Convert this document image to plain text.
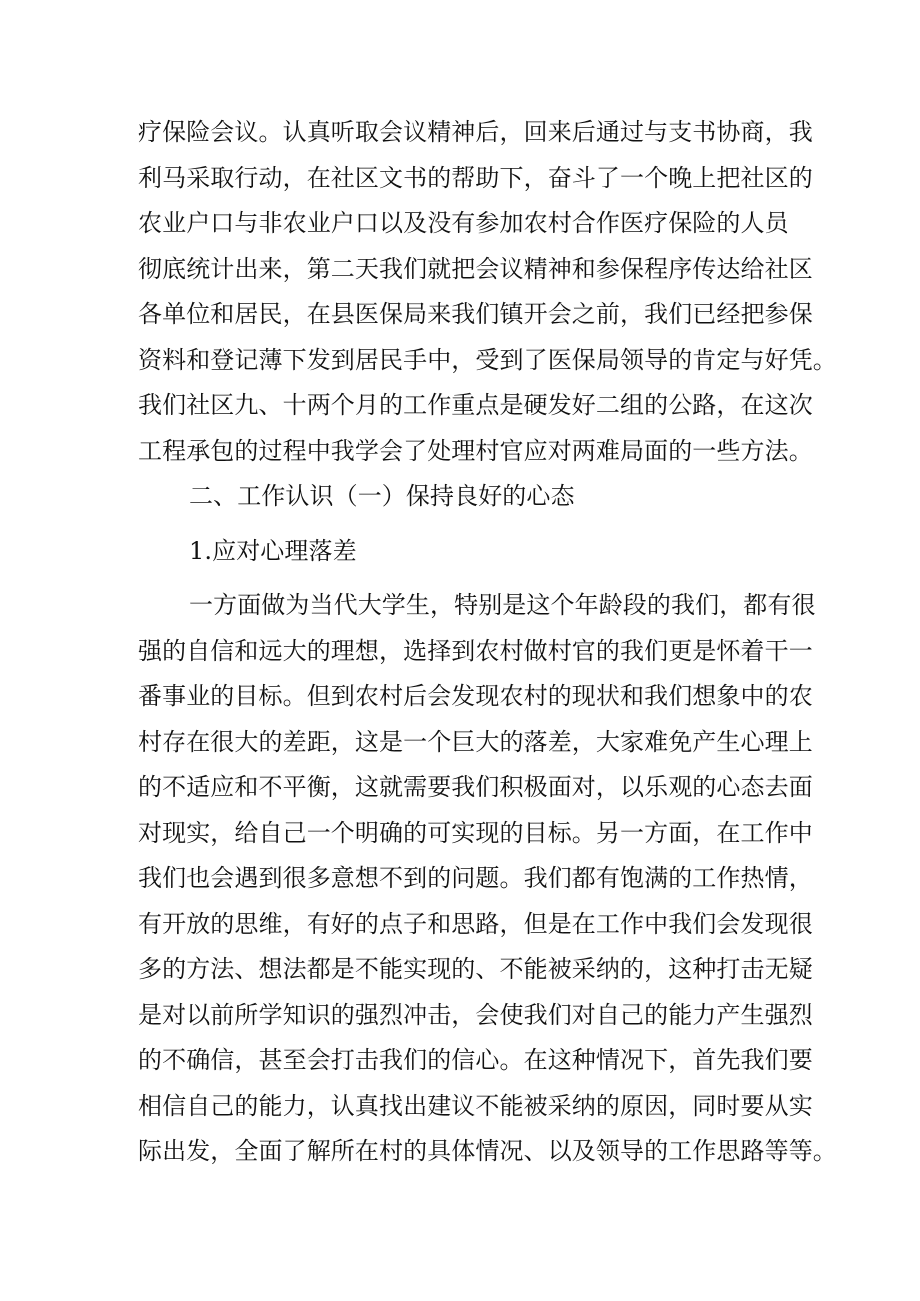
疗保险会议。认真听取会议精神后，回来后通过与支书协商，我
利马采取行动，在社区文书的帮助下，奋斗了一个晚上把社区的
农业户口与非农业户口以及没有参加农村合作医疗保险的人员
彻底统计出来，第二天我们就把会议精神和参保程序传达给社区
各单位和居民，在县医保局来我们镇开会之前，我们已经把参保
资料和登记薄下发到居民手中，受到了医保局领导的肯定与好凭。
我们社区九、十两个月的工作重点是硬发好二组的公路，在这次
工程承包的过程中我学会了处理村官应对两难局面的一些方法。
二、工作认识（一）保持良好的心态
1.应对心理落差
一方面做为当代大学生，特别是这个年龄段的我们，都有很
强的自信和远大的理想，选择到农村做村官的我们更是怀着干一
番事业的目标。但到农村后会发现农村的现状和我们想象中的农
村存在很大的差距，这是一个巨大的落差，大家难免产生心理上
的不适应和不平衡，这就需要我们积极面对，以乐观的心态去面
对现实，给自己一个明确的可实现的目标。另一方面，在工作中
我们也会遇到很多意想不到的问题。我们都有饱满的工作热情，
有开放的思维，有好的点子和思路，但是在工作中我们会发现很
多的方法、想法都是不能实现的、不能被采纳的，这种打击无疑
是对以前所学知识的强烈冲击，会使我们对自己的能力产生强烈
的不确信，甚至会打击我们的信心。在这种情况下，首先我们要
相信自己的能力，认真找出建议不能被采纳的原因，同时要从实
际出发，全面了解所在村的具体情况、以及领导的工作思路等等。
